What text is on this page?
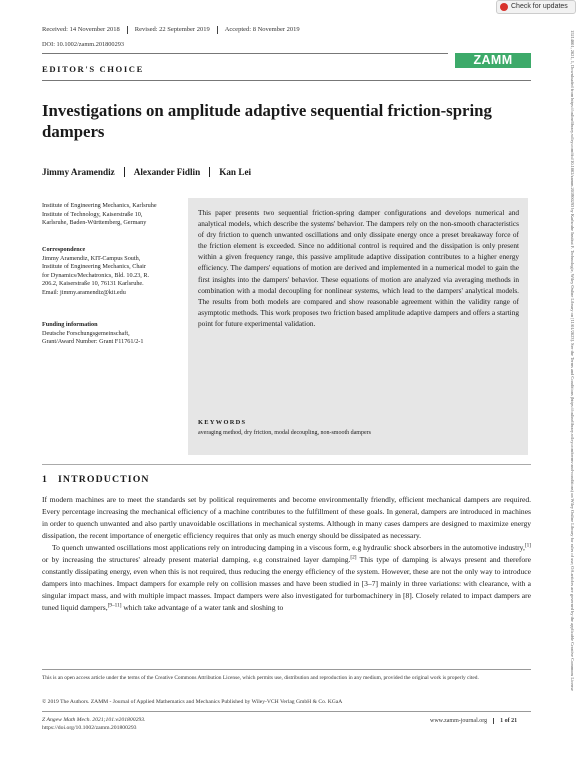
Check for updates
Received: 14 November 2018	Revised: 22 September 2019	Accepted: 8 November 2019
DOI: 10.1002/zamm.201800293
EDITOR'S CHOICE
ZAMM
Investigations on amplitude adaptive sequential friction-spring dampers
Jimmy Aramendiz	Alexander Fidlin	Kan Lei
Institute of Engineering Mechanics, Karlsruhe
Institute of Technology, Kaiserstraße 10,
Karlsruhe, Baden-Württemberg, Germany
Correspondence
Jimmy Aramendiz, KIT-Campus South,
Institute of Engineering Mechanics, Chair
for Dynamics/Mechatronics, Bld. 10.23, R.
206.2, Kaiserstraße 10, 76131 Karlsruhe.
Email: jimmy.aramendiz@kit.edu
Funding information
Deutsche Forschungsgemeinschaft,
Grant/Award Number: Grant F11761/2-1
This paper presents two sequential friction-spring damper configurations and develops numerical and analytical models, which describe the systems' behavior. The dampers rely on the non-smooth characteristics of dry friction to quench unwanted oscillations and only dissipate energy once a preset breakaway force of the friction element is exceeded. Since no additional control is required and the dissipation is only present within a given frequency range, this passive amplitude adaptive dissipation contributes to a higher energy efficiency. The dampers' equations of motion are derived and implemented in a numerical model to gain the first insights into the dampers' behavior. These equations of motion are analyzed via averaging methods in combination with a modal decoupling for nonlinear systems, which lead to the dampers' analytical models. The results from both models are compared and show reasonable agreement within the validity range of asymptotic methods. This work proposes two friction based amplitude adaptive dampers and offers a starting point for future experimental validation.
KEYWORDS
averaging method, dry friction, modal decoupling, non-smooth dampers
1 INTRODUCTION

If modern machines are to meet the standards set by political requirements and become environmentally friendly, efficient mechanical dampers are required. Every percentage increasing the mechanical efficiency of a machine contributes to the fulfillment of these goals. In general, dampers are introduced in machines in order to quench unwanted and also partly unavoidable oscillations in mechanical systems. Although in many cases dampers are designed to maximize energy dissipation, the recent importance of energetic efficiency requires that only as much energy should be dissipated as necessary.

To quench unwanted oscillations most applications rely on introducing damping in a viscous form, e.g hydraulic shock absorbers in the automotive industry,[1] or by increasing the structures' already present material damping, e.g constrained layer damping.[2] This type of damping is always present and therefore constantly dissipating energy, even when this is not required, thus reducing the energy efficiency of the system. However, these are not the only way to introduce dampers into machines. Impact dampers for example rely on collision masses and have been studied in [3–7] mainly in three variations: with clearance, with a singular impact mass, and with multiple impact masses. Impact dampers were also investigated for turbomachinery in [8]. Closely related to impact dampers are tuned liquid dampers,[9–11] which take advantage of a water tank and sloshing to

This is an open access article under the terms of the Creative Commons Attribution License, which permits use, distribution and reproduction in any medium, provided the original work is properly cited.
© 2019 The Authors. ZAMM - Journal of Applied Mathematics and Mechanics Published by Wiley-VCH Verlag GmbH & Co. KGaA
Z Angew Math Mech. 2021;101:e201800293.
https://doi.org/10.1002/zamm.201800293
www.zamm-journal.org	1 of 21
15214001, 2021, 1, Downloaded from https://onlinelibrary.wiley.com/doi/10.1002/zamm.201800293 by Karlsruhe Institut F. Technologie, Wiley Online Library on [11/01/2023]. See the Terms and Conditions (https://onlinelibrary.wiley.com/terms-and-conditions) on Wiley Online Library for rules of use; OA articles are governed by the applicable Creative Commons License
